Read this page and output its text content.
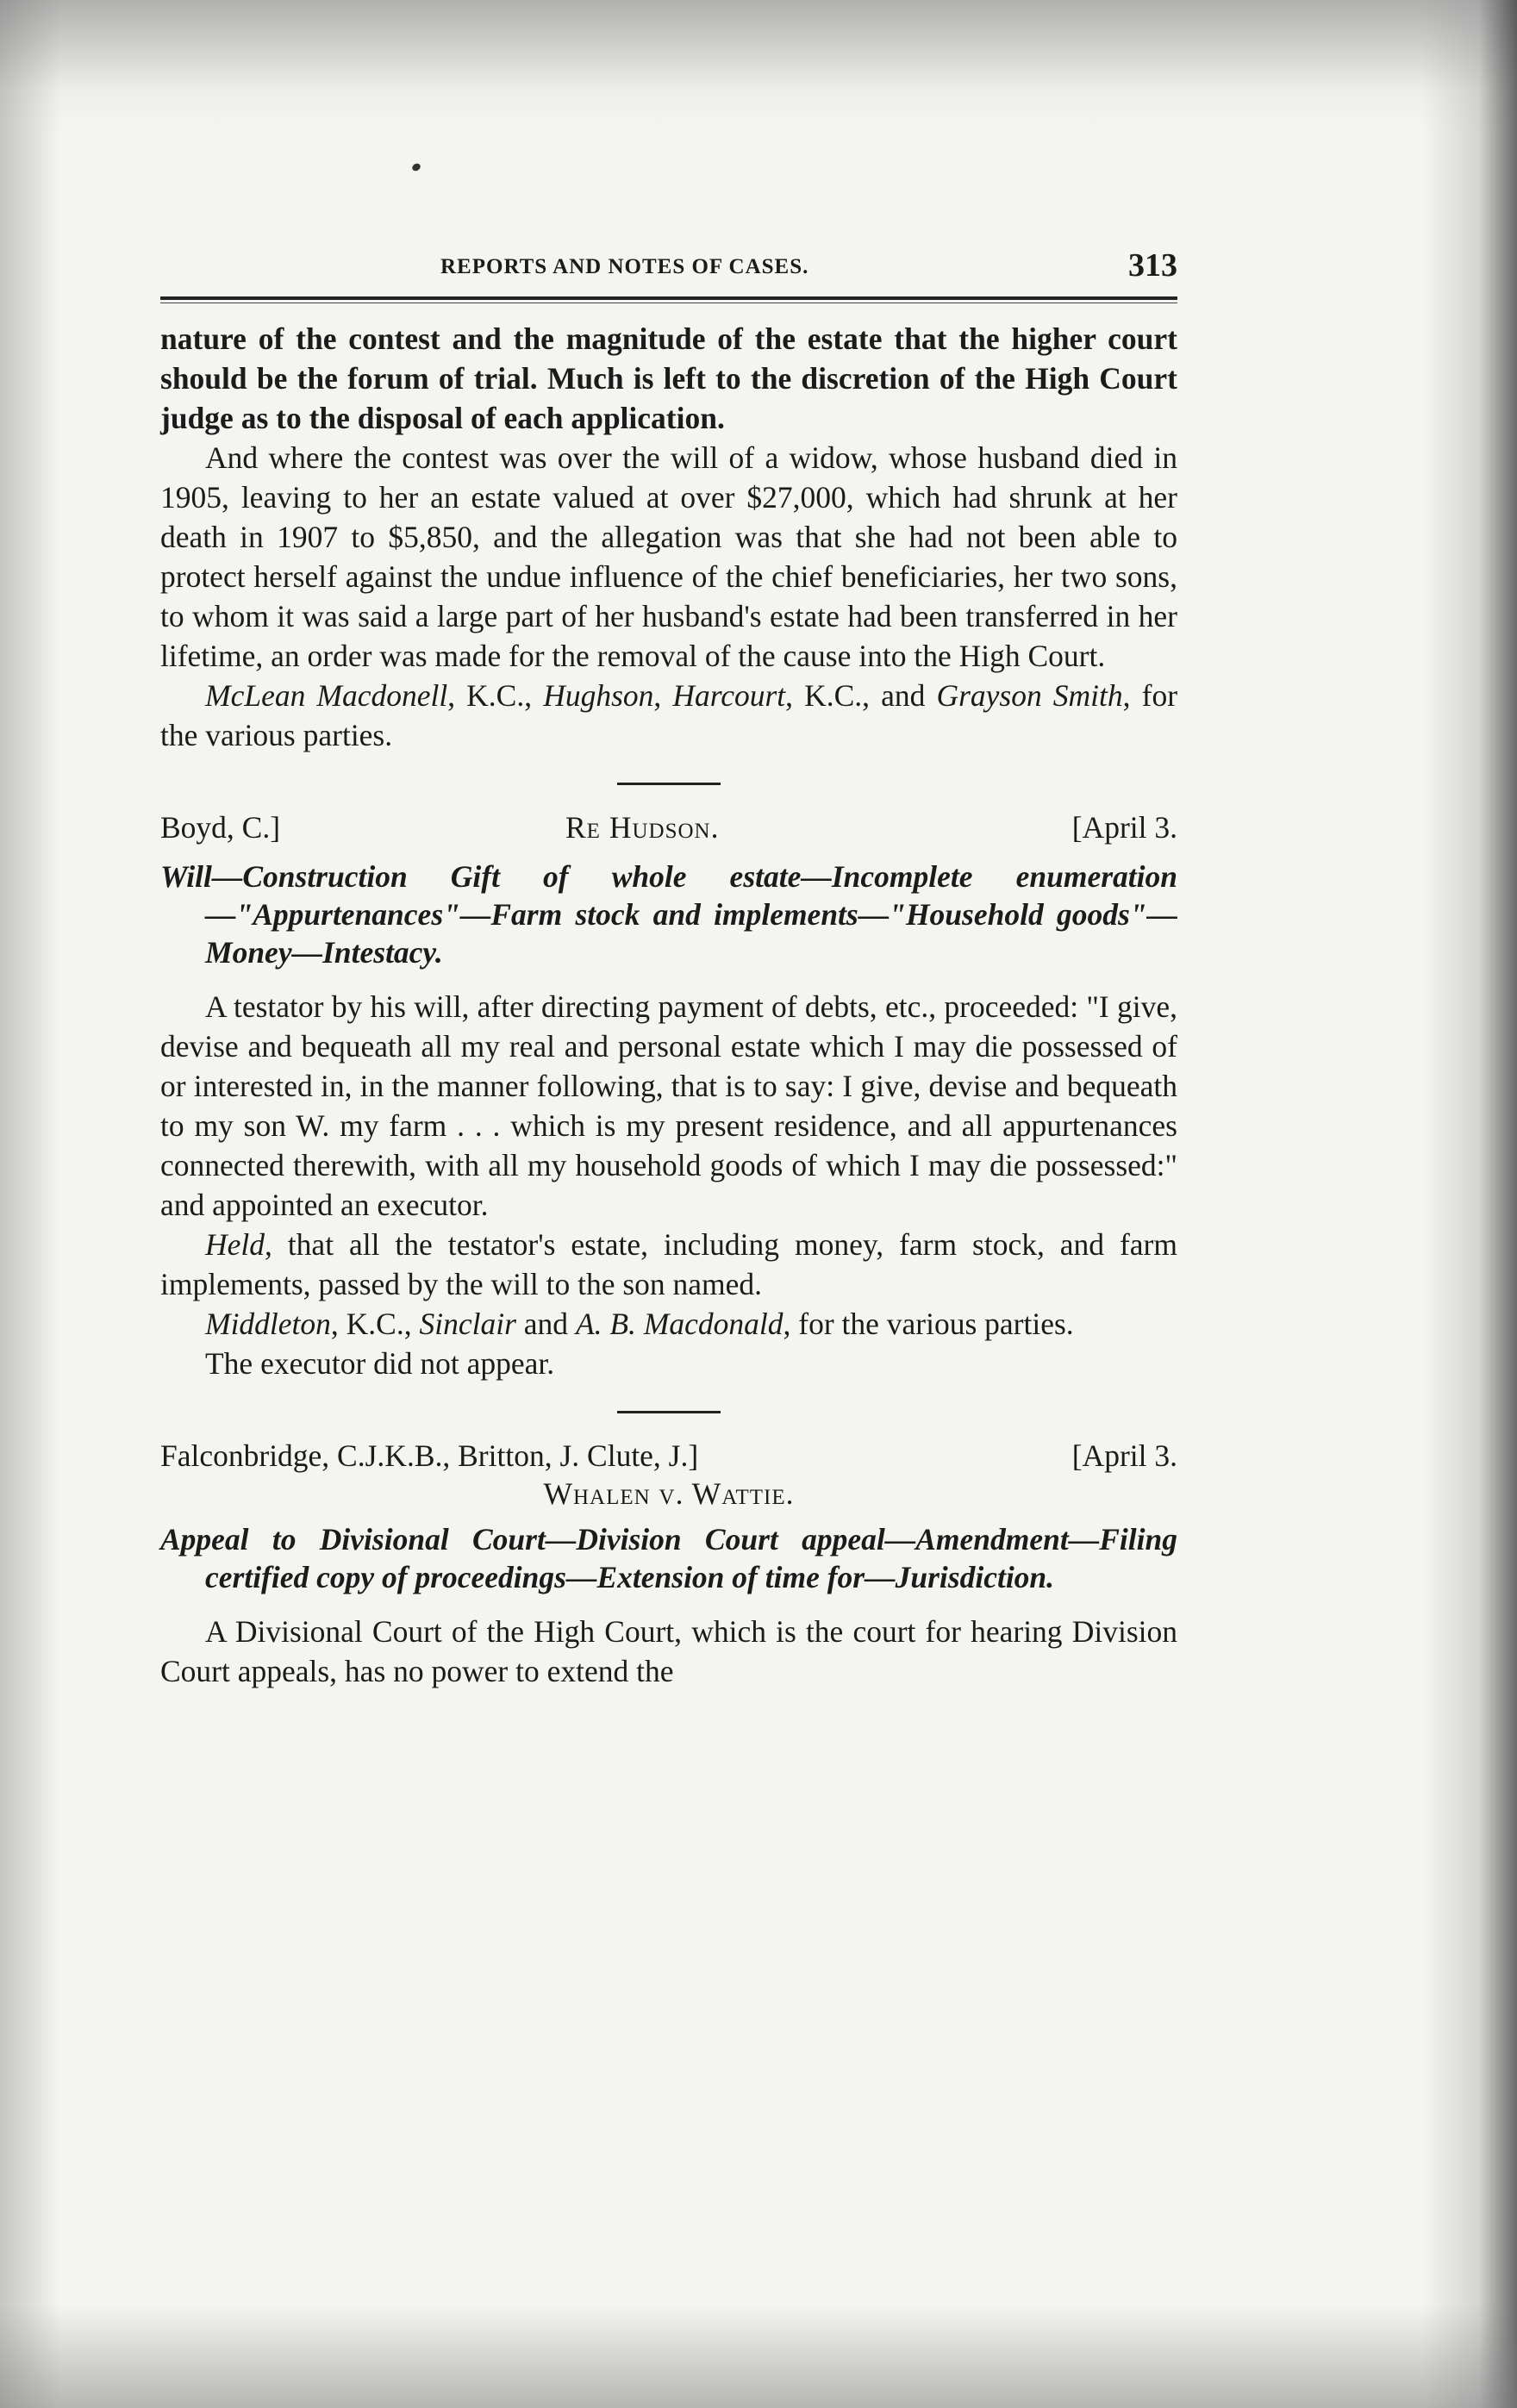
REPORTS AND NOTES OF CASES.	313

nature of the contest and the magnitude of the estate that the higher court should be the forum of trial. Much is left to the discretion of the High Court judge as to the disposal of each application.

And where the contest was over the will of a widow, whose husband died in 1905, leaving to her an estate valued at over $27,000, which had shrunk at her death in 1907 to $5,850, and the allegation was that she had not been able to protect herself against the undue influence of the chief beneficiaries, her two sons, to whom it was said a large part of her husband's estate had been transferred in her lifetime, an order was made for the removal of the cause into the High Court.

McLean Macdonell, K.C., Hughson, Harcourt, K.C., and Grayson Smith, for the various parties.

Boyd, C.]	Re Hudson.	[April 3.
Will—Construction Gift of whole estate—Incomplete enumeration—"Appurtenances"—Farm stock and implements—"Household goods"—Money—Intestacy.

A testator by his will, after directing payment of debts, etc., proceeded: "I give, devise and bequeath all my real and personal estate which I may die possessed of or interested in, in the manner following, that is to say: I give, devise and bequeath to my son W. my farm . . . which is my present residence, and all appurtenances connected therewith, with all my household goods of which I may die possessed:" and appointed an executor.

Held, that all the testator's estate, including money, farm stock, and farm implements, passed by the will to the son named.

Middleton, K.C., Sinclair and A. B. Macdonald, for the various parties.

The executor did not appear.

Falconbridge, C.J.K.B., Britton, J. Clute, J.]	[April 3.
Whalen v. Wattie.
Appeal to Divisional Court—Division Court appeal—Amendment—Filing certified copy of proceedings—Extension of time for—Jurisdiction.

A Divisional Court of the High Court, which is the court for hearing Division Court appeals, has no power to extend the
